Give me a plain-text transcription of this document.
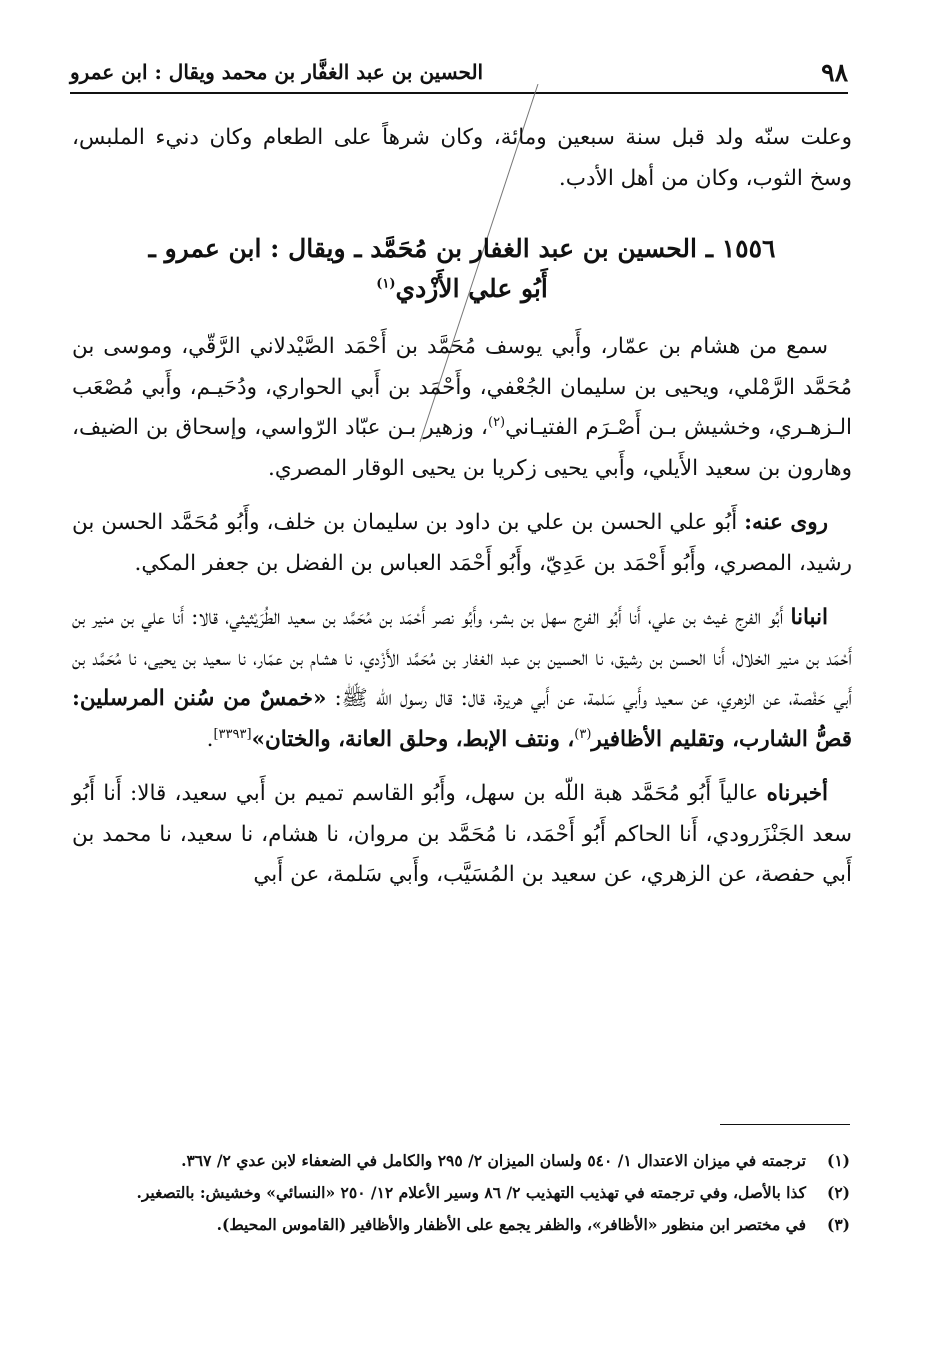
٩٨
الحسين بن عبد الغفَّار بن محمد ويقال : ابن عمرو

وعلت سنّه ولد قبل سنة سبعين ومائة، وكان شرهاً على الطعام وكان دنيء الملبس، وسخ الثوب، وكان من أهل الأدب.

١٥٥٦ ـ الحسين بن عبد الغفار بن مُحَمَّد ـ ويقال : ابن عمرو ـ
أَبُو علي الأَزْدي$^{(١)}$

سمع من هشام بن عمّار، وأَبي يوسف مُحَمَّد بن أَحْمَد الصَّيْدلاني الرَّقّي، وموسى بن مُحَمَّد الرَّمْلي، ويحيى بن سليمان الجُعْفي، وأَحْمَد بن أَبي الحواري، ودُحَيـم، وأَبي مُصْعَب الـزهـري، وخشيش بـن أَصْـرَم الفتيـاني$^{(٢)}$، وزهير بـن عبّاد الرّواسي، وإسحاق بن الضيف، وهارون بن سعيد الأَيلي، وأَبي يحيى زكريا بن يحيى الوقار المصري.

روى عنه: أَبُو علي الحسن بن علي بن داود بن سليمان بن خلف، وأَبُو مُحَمَّد الحسن بن رشيد، المصري، وأَبُو أَحْمَد بن عَدِيّ، وأَبُو أَحْمَد العباس بن الفضل بن جعفر المكي.

انبانا أَبُو الفرج غيث بن علي، أَنا أَبُو الفرج سهل بن بشر، وأَبُو نصر أَحْمَد بن مُحَمَّد بن سعيد الطُرَيْثيثي، قالا: أَنا علي بن منير بن أَحْمَد بن منير الخلال، أَنا الحسن بن رشيق، نا الحسين بن عبد الغفار بن مُحَمَّد الأَزْدي، نا هشام بن عمّار، نا سعيد بن يحيى، نا مُحَمَّد بن أَبي حَفْصة، عن الزهري، عن سعيد وأَبي سَلمة، عن أَبي هريرة، قال: قال رسول الله ﷺ: «خمسٌ من سُنن المرسلين: قصُّ الشارب، وتقليم الأظافير$^{(٣)}$، ونتف الإبط، وحلق العانة، والختان»[٣٣٩٣].

أخبرناه عالياً أَبُو مُحَمَّد هبة اللّه بن سهل، وأَبُو القاسم تميم بن أَبي سعيد، قالا: أَنا أَبُو سعد الجَنْزَرودي، أَنا الحاكم أَبُو أَحْمَد، نا مُحَمَّد بن مروان، نا هشام، نا سعيد، نا محمد بن أَبي حفصة، عن الزهري، عن سعيد بن المُسَيَّب، وأَبي سَلمة، عن أَبي

(١)ترجمته في ميزان الاعتدال ١/ ٥٤٠ ولسان الميزان ٢/ ٢٩٥ والكامل في الضعفاء لابن عدي ٢/ ٣٦٧.

(٢)كذا بالأصل، وفي ترجمته في تهذيب التهذيب ٢/ ٨٦ وسير الأعلام ١٢/ ٢٥٠ «النسائي» وخشيش: بالتصغير.

(٣)في مختصر ابن منظور «الأظافر»، والظفر يجمع على الأظفار والأظافير (القاموس المحيط).
